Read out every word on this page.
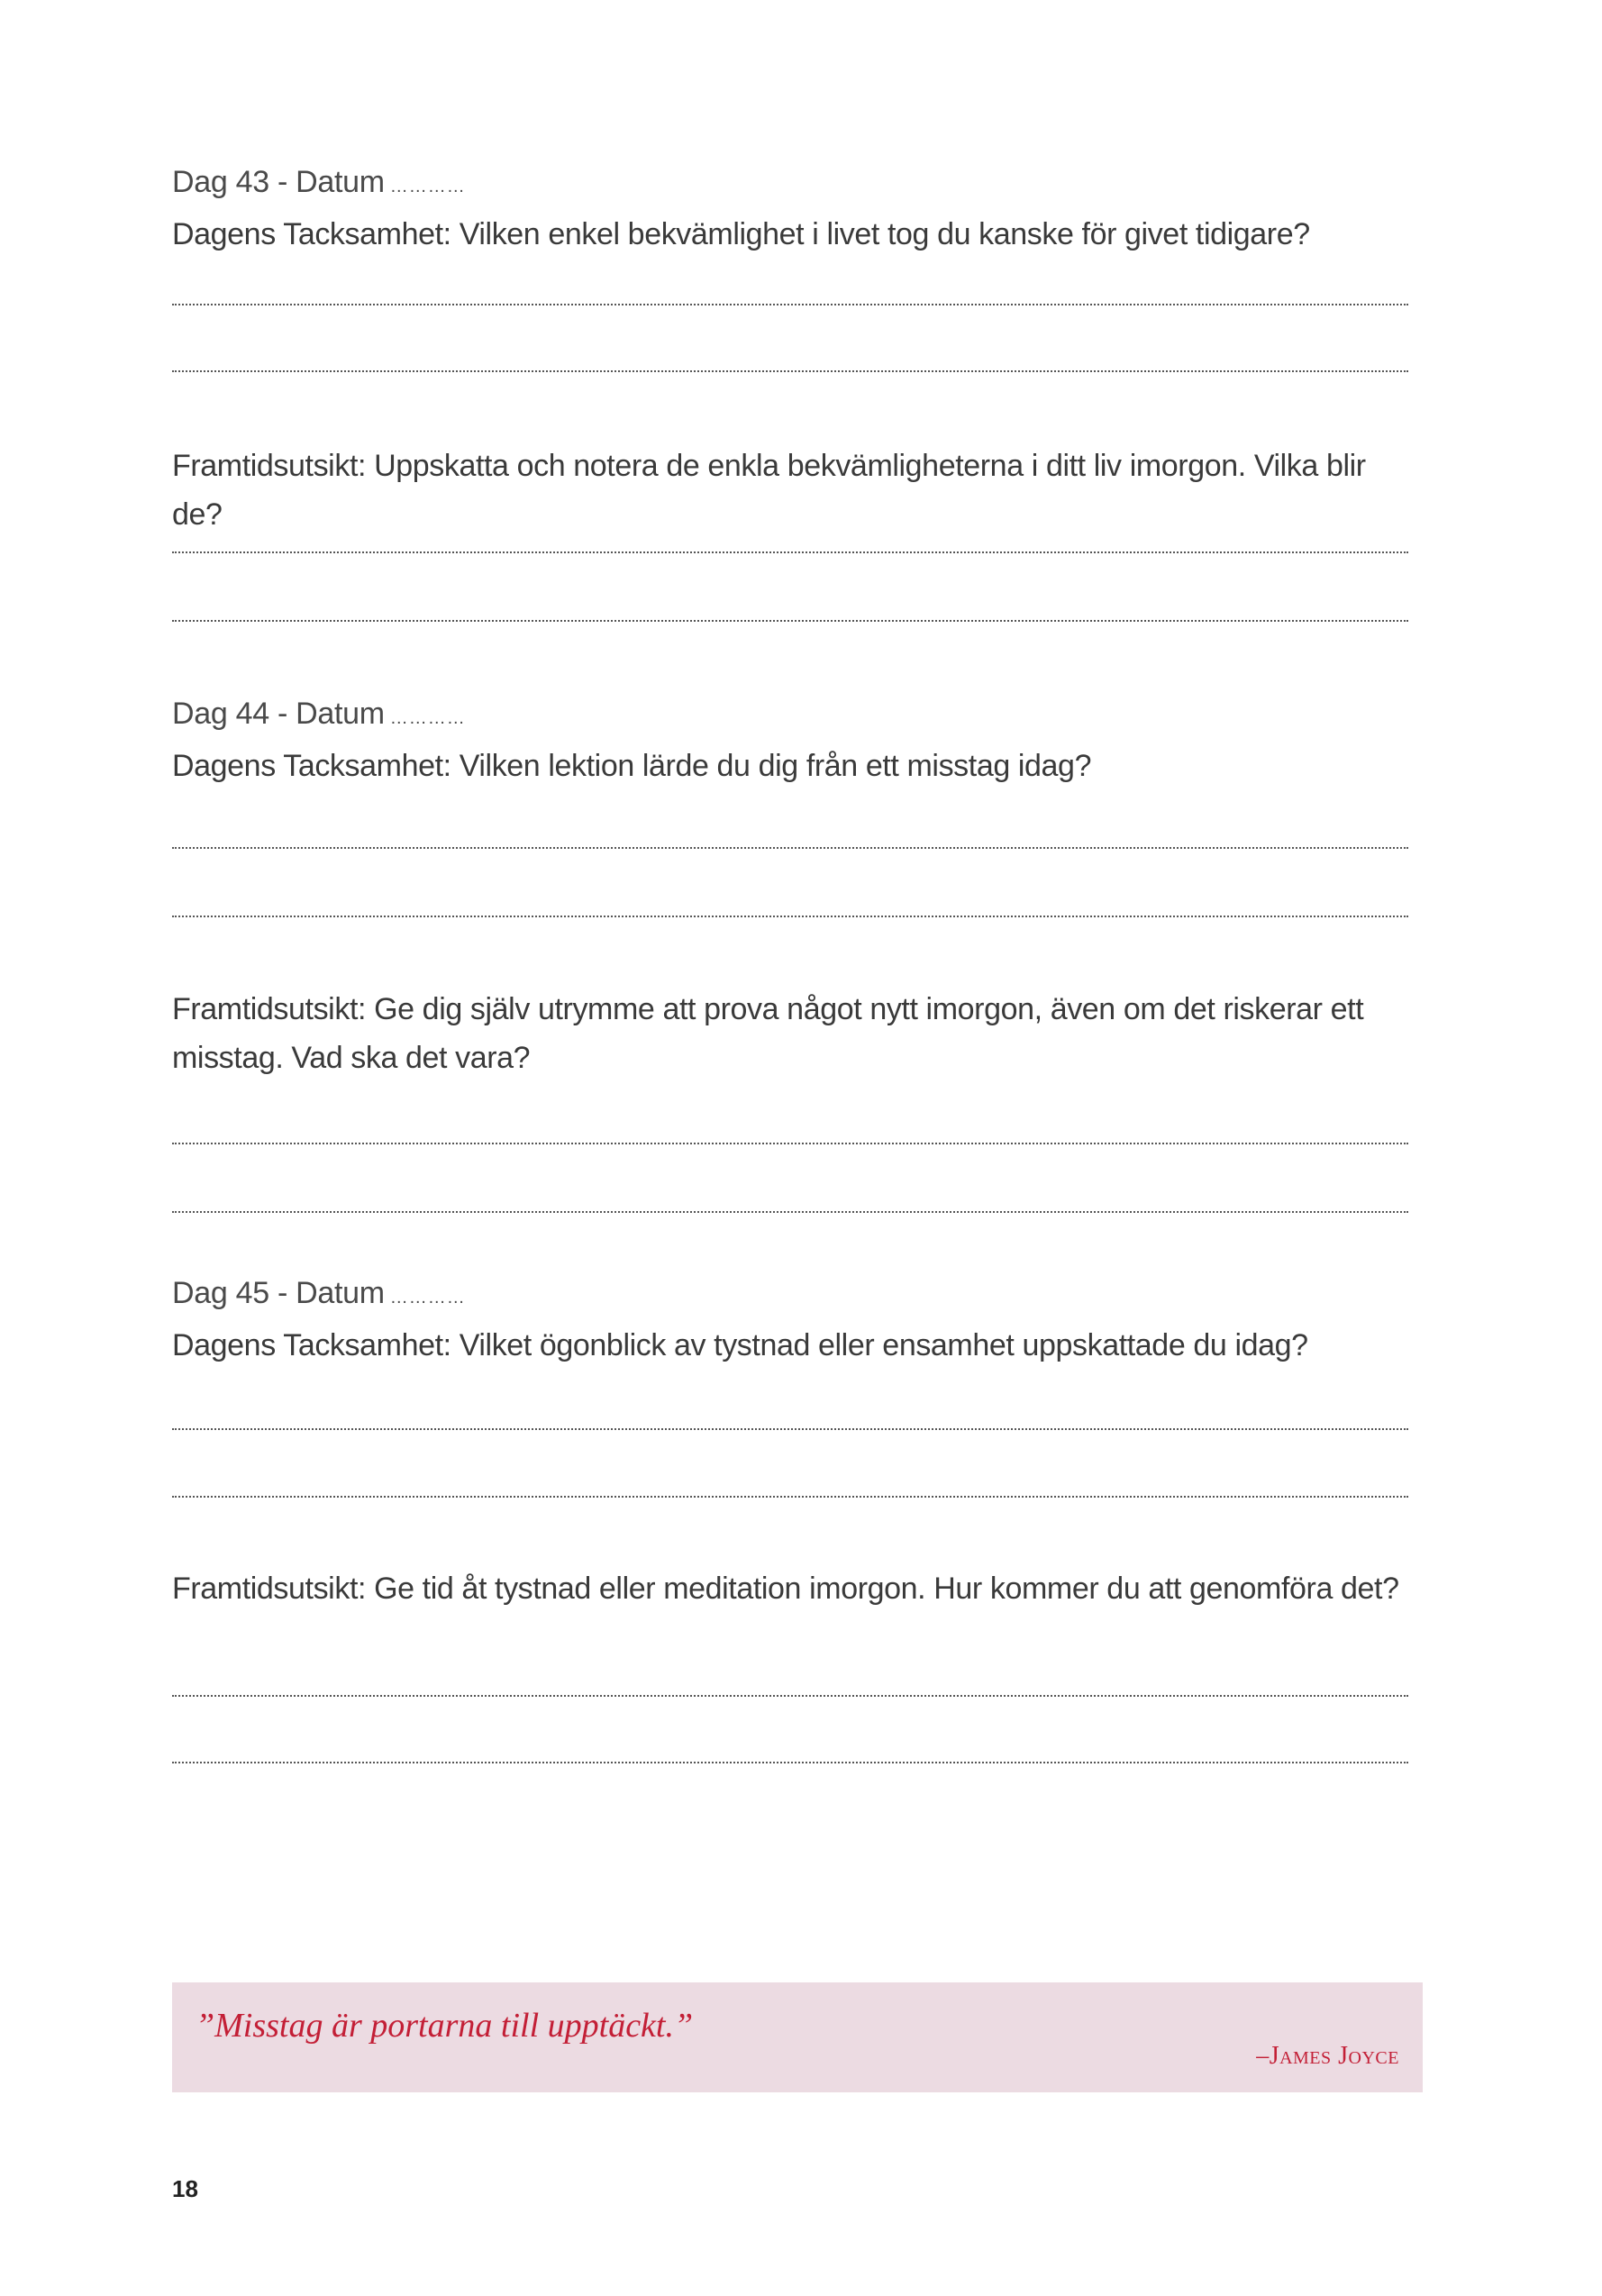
Dag 43 - Datum …………
Dagens Tacksamhet: Vilken enkel bekvämlighet i livet tog du kanske för givet tidigare?
Framtidsutsikt: Uppskatta och notera de enkla bekvämligheterna i ditt liv imorgon. Vilka blir de?
Dag 44 - Datum …………
Dagens Tacksamhet: Vilken lektion lärde du dig från ett misstag idag?
Framtidsutsikt: Ge dig själv utrymme att prova något nytt imorgon, även om det riskerar ett misstag. Vad ska det vara?
Dag 45 - Datum …………
Dagens Tacksamhet: Vilket ögonblick av tystnad eller ensamhet uppskattade du idag?
Framtidsutsikt: Ge tid åt tystnad eller meditation imorgon. Hur kommer du att genomföra det?
”Misstag är portarna till upptäckt.”
–James Joyce
18
